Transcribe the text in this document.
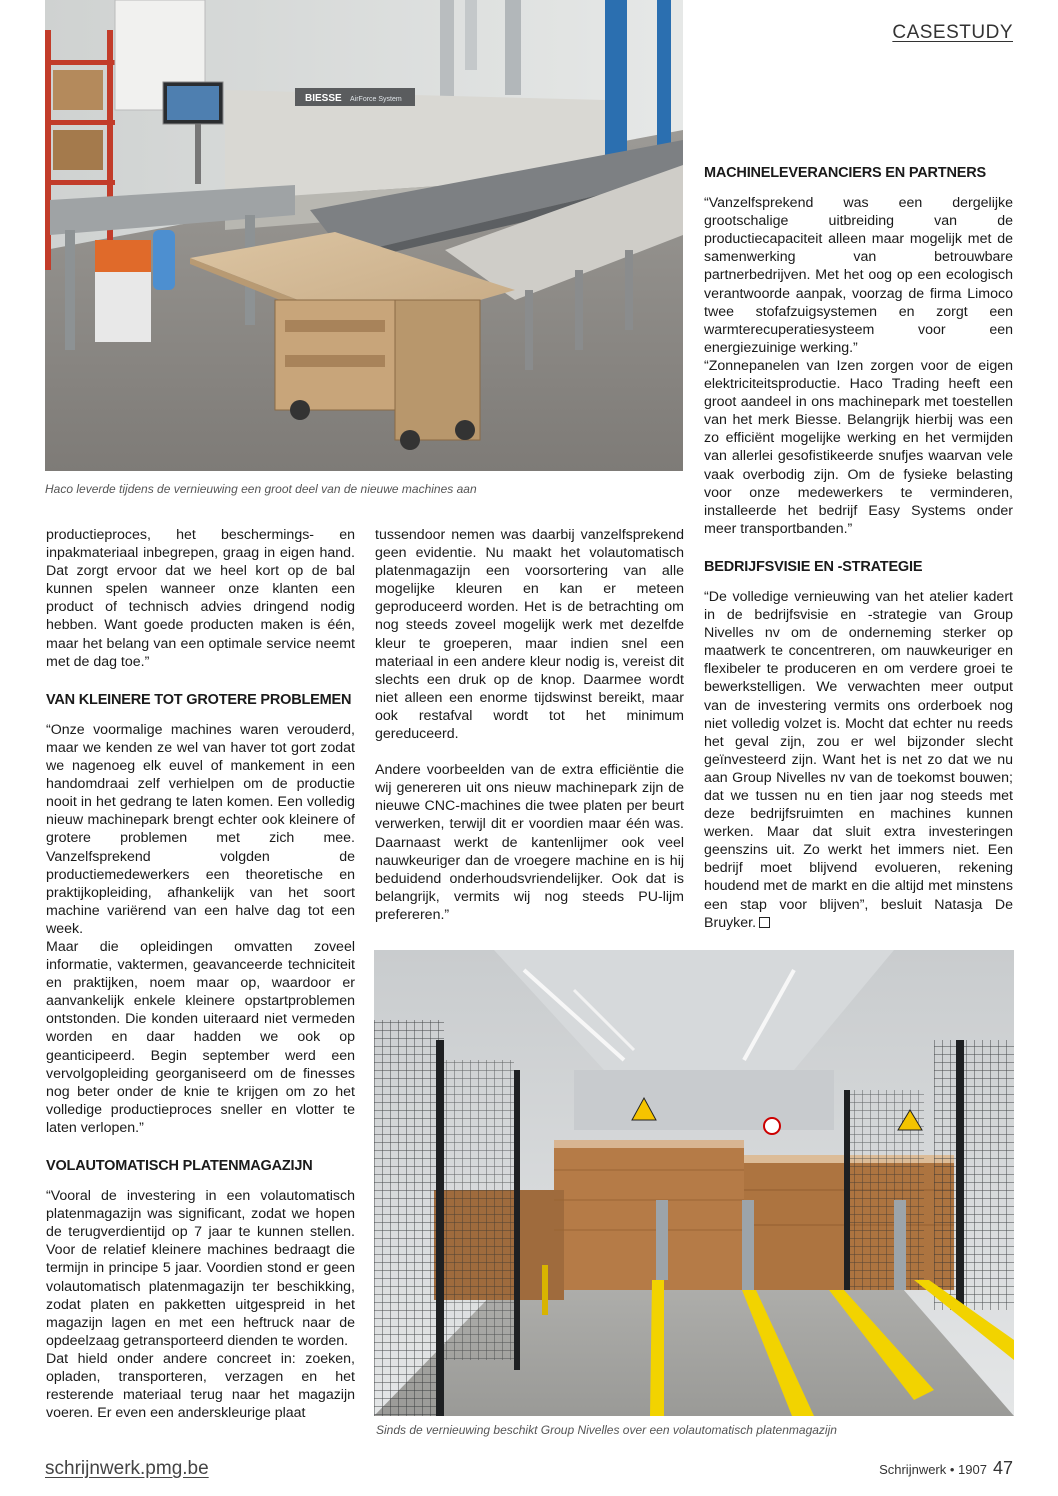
CASESTUDY
BIESSE AirForce System
Haco leverde tijdens de vernieuwing een groot deel van de nieuwe machines aan

productieproces, het beschermings- en inpakmateriaal inbegrepen, graag in eigen hand. Dat zorgt ervoor dat we heel kort op de bal kunnen spelen wanneer onze klanten een product of technisch advies dringend nodig hebben. Want goede producten maken is één, maar het belang van een optimale service neemt met de dag toe.”

VAN KLEINERE TOT GROTERE PROBLEMEN

“Onze voormalige machines waren verouderd, maar we kenden ze wel van haver tot gort zodat we nagenoeg elk euvel of mankement in een handomdraai zelf verhielpen om de productie nooit in het gedrang te laten komen. Een volledig nieuw machinepark brengt echter ook kleinere of grotere problemen met zich mee. Vanzelfsprekend volgden de productiemedewerkers een theoretische en praktijkopleiding, afhankelijk van het soort machine variërend van een halve dag tot een week.

Maar die opleidingen omvatten zoveel informatie, vaktermen, geavanceerde techniciteit en praktijken, noem maar op, waardoor er aanvankelijk enkele kleinere opstartproblemen ontstonden. Die konden uiteraard niet vermeden worden en daar hadden we ook op geanticipeerd. Begin september werd een vervolgopleiding georganiseerd om de finesses nog beter onder de knie te krijgen om zo het volledige productieproces sneller en vlotter te laten verlopen.”

VOLAUTOMATISCH PLATENMAGAZIJN

“Vooral de investering in een volautomatisch platenmagazijn was significant, zodat we hopen de terugverdientijd op 7 jaar te kunnen stellen. Voor de relatief kleinere machines bedraagt die termijn in principe 5 jaar. Voordien stond er geen volautomatisch platenmagazijn ter beschikking, zodat platen en pakketten uitgespreid in het magazijn lagen en met een heftruck naar de opdeelzaag getransporteerd dienden te worden.

Dat hield onder andere concreet in: zoeken, opladen, transporteren, verzagen en het resterende materiaal terug naar het magazijn voeren. Er even een anderskleurige plaat

tussendoor nemen was daarbij vanzelfsprekend geen evidentie. Nu maakt het volautomatisch platenmagazijn een voorsortering van alle mogelijke kleuren en kan er meteen geproduceerd worden. Het is de betrachting om nog steeds zoveel mogelijk werk met dezelfde kleur te groeperen, maar indien snel een materiaal in een andere kleur nodig is, vereist dit slechts een druk op de knop. Daarmee wordt niet alleen een enorme tijdswinst bereikt, maar ook restafval wordt tot het minimum gereduceerd.

Andere voorbeelden van de extra efficiëntie die wij genereren uit ons nieuw machinepark zijn de nieuwe CNC-machines die twee platen per beurt verwerken, terwijl dit er voordien maar één was. Daarnaast werkt de kantenlijmer ook veel nauwkeuriger dan de vroegere machine en is hij beduidend onderhoudsvriendelijker. Ook dat is belangrijk, vermits wij nog steeds PU-lijm prefereren.”

MACHINELEVERANCIERS EN PARTNERS

“Vanzelfsprekend was een dergelijke grootschalige uitbreiding van de productiecapaciteit alleen maar mogelijk met de samenwerking van betrouwbare partnerbedrijven. Met het oog op een ecologisch verantwoorde aanpak, voorzag de firma Limoco twee stofafzuigsystemen en zorgt een warmterecuperatiesysteem voor een energiezuinige werking.”

“Zonnepanelen van Izen zorgen voor de eigen elektriciteitsproductie. Haco Trading heeft een groot aandeel in ons machinepark met toestellen van het merk Biesse. Belangrijk hierbij was een zo efficiënt mogelijke werking en het vermijden van allerlei gesofistikeerde snufjes waarvan vele vaak overbodig zijn. Om de fysieke belasting voor onze medewerkers te verminderen, installeerde het bedrijf Easy Systems onder meer transportbanden.”

BEDRIJFSVISIE EN -STRATEGIE

“De volledige vernieuwing van het atelier kadert in de bedrijfsvisie en -strategie van Group Nivelles nv om de onderneming sterker op maatwerk te concentreren, om nauwkeuriger en flexibeler te produceren en om verdere groei te bewerkstelligen. We verwachten meer output van de investering vermits ons orderboek nog niet volledig volzet is. Mocht dat echter nu reeds het geval zijn, zou er wel bijzonder slecht geïnvesteerd zijn. Want het is net zo dat we nu aan Group Nivelles nv van de toekomst bouwen; dat we tussen nu en tien jaar nog steeds met deze bedrijfsruimten en machines kunnen werken. Maar dat sluit extra investeringen geenszins uit. Zo werkt het immers niet. Een bedrijf moet blijvend evolueren, rekening houdend met de markt en die altijd met minstens een stap voor blijven”, besluit Natasja De Bruyker.

Sinds de vernieuwing beschikt Group Nivelles over een volautomatisch platenmagazijn
schrijnwerk.pmg.be	Schrijnwerk • 1907 47
